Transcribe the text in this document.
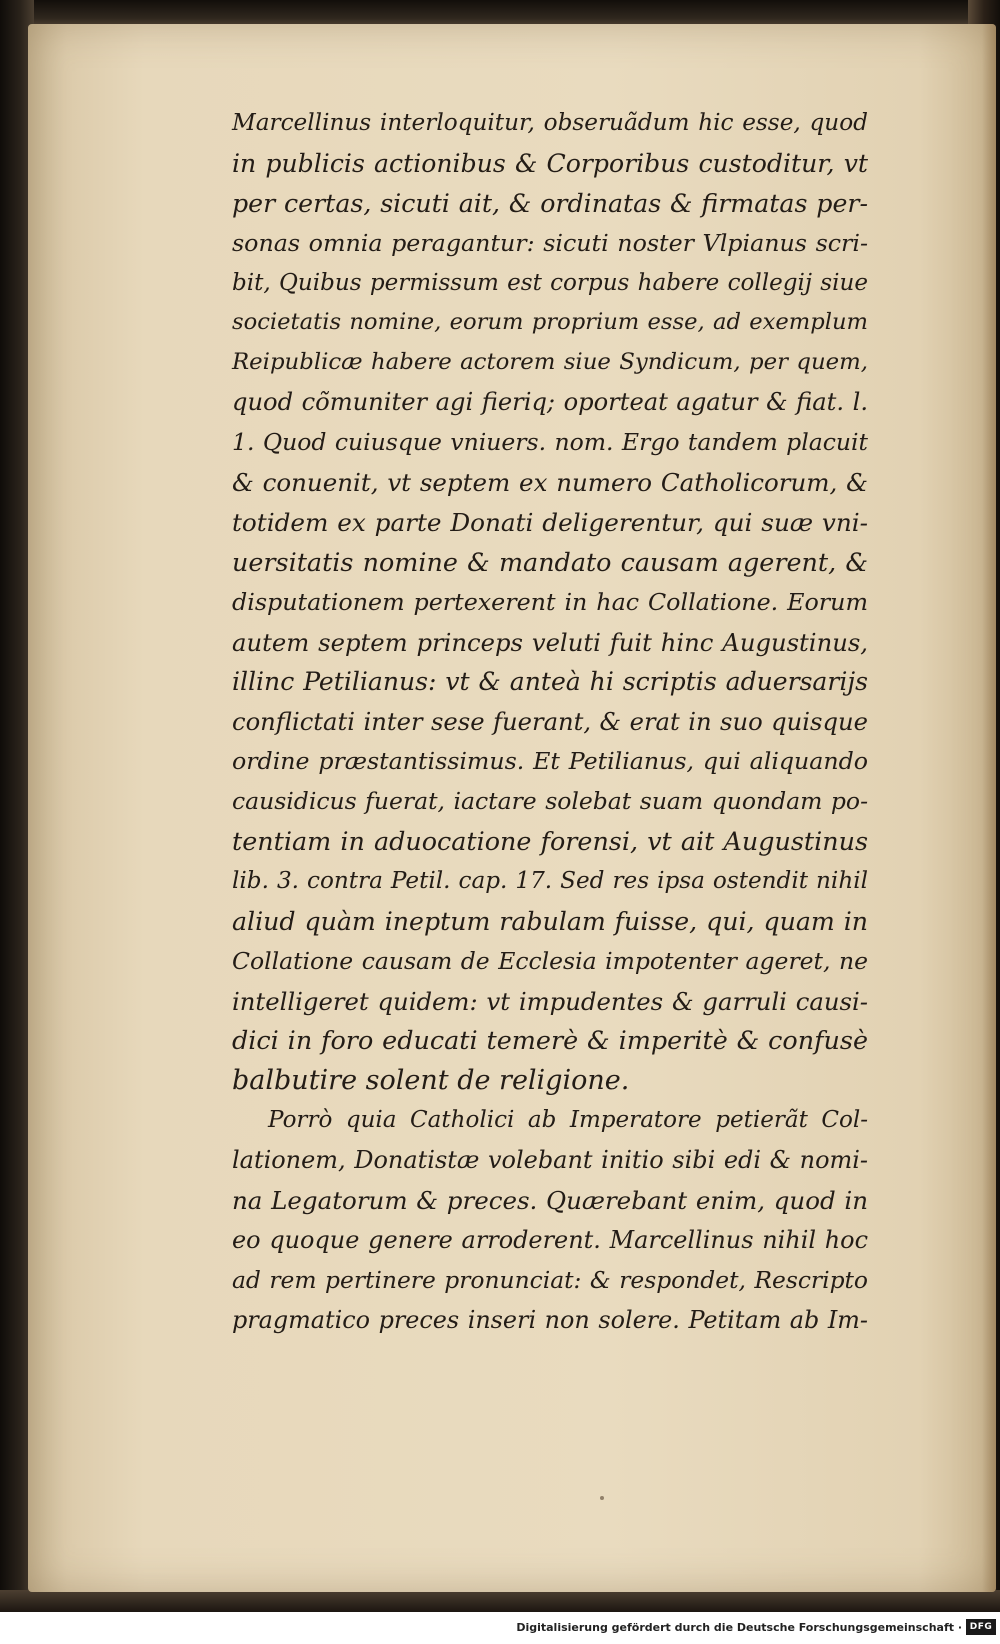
Marcellinus interloquitur, obseruãdum hic esse, quod
in publicis actionibus & Corporibus custoditur, vt
per certas, sicuti ait, & ordinatas & firmatas per-
sonas omnia peragantur: sicuti noster Vlpianus scri-
bit, Quibus permissum est corpus habere collegij siue
societatis nomine, eorum proprium esse, ad exemplum
Reipublicæ habere actorem siue Syndicum, per quem,
quod cõmuniter agi fieriq; oporteat agatur & fiat. l.
1. Quod cuiusque vniuers. nom. Ergo tandem placuit
& conuenit, vt septem ex numero Catholicorum, &
totidem ex parte Donati deligerentur, qui suæ vni-
uersitatis nomine & mandato causam agerent, &
disputationem pertexerent in hac Collatione. Eorum
autem septem princeps veluti fuit hinc Augustinus,
illinc Petilianus: vt & anteà hi scriptis aduersarijs
conflictati inter sese fuerant, & erat in suo quisque
ordine præstantissimus. Et Petilianus, qui aliquando
causidicus fuerat, iactare solebat suam quondam po-
tentiam in aduocatione forensi, vt ait Augustinus
lib. 3. contra Petil. cap. 17. Sed res ipsa ostendit nihil
aliud quàm ineptum rabulam fuisse, qui, quam in
Collatione causam de Ecclesia impotenter ageret, ne
intelligeret quidem: vt impudentes & garruli causi-
dici in foro educati temerè & imperitè & confusè
balbutire solent de religione.
Porrò quia Catholici ab Imperatore petierãt Col-
lationem, Donatistæ volebant initio sibi edi & nomi-
na Legatorum & preces. Quærebant enim, quod in
eo quoque genere arroderent. Marcellinus nihil hoc
ad rem pertinere pronunciat: & respondet, Rescripto
pragmatico preces inseri non solere. Petitam ab Im-
Digitalisierung gefördert durch die Deutsche Forschungsgemeinschaft · DFG
